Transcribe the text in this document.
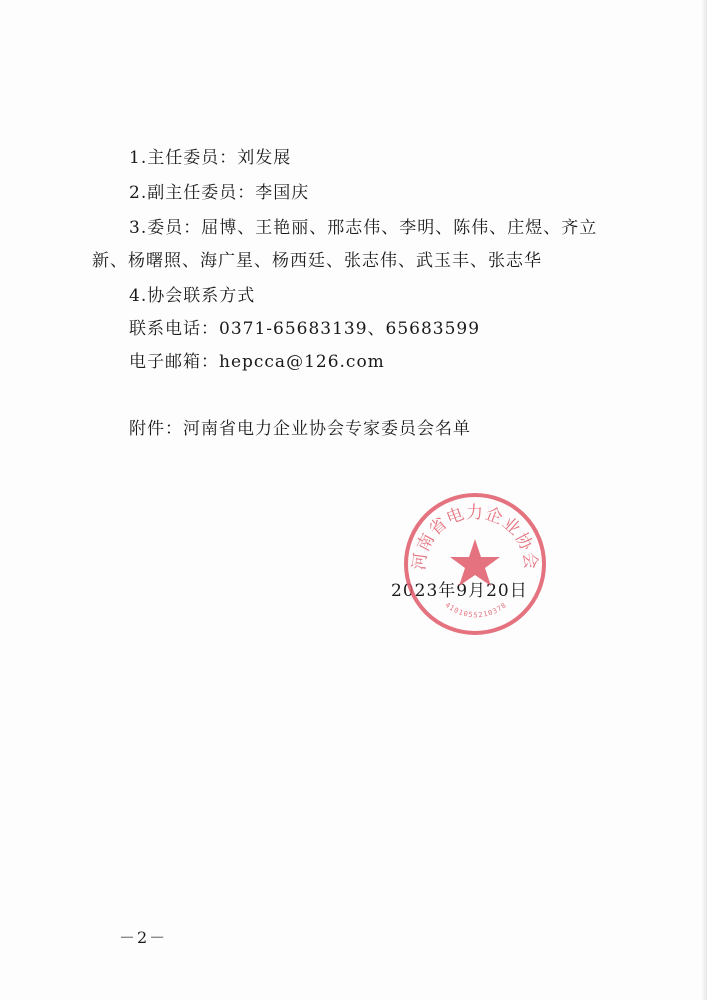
1.主任委员：刘发展
2.副主任委员：李国庆
3.委员：屈博、王艳丽、邢志伟、李明、陈伟、庄煜、齐立
新、杨曙照、海广星、杨西廷、张志伟、武玉丰、张志华
4.协会联系方式
联系电话：0371-65683139、65683599
电子邮箱：hepcca@126.com
附件：河南省电力企业协会专家委员会名单
2023年9月20日
河南省电力企业协会
4101055210378
－2－
